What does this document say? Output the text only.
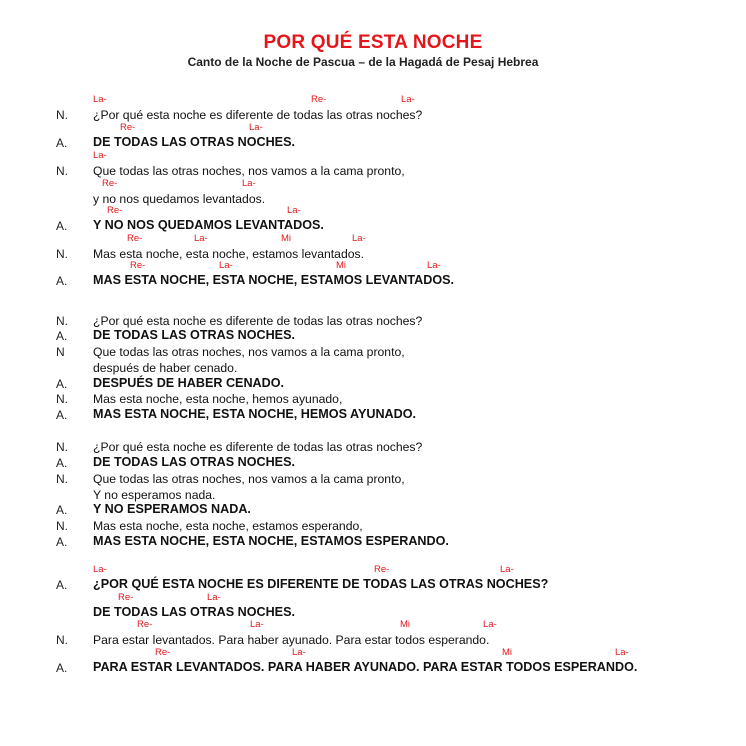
POR QUÉ ESTA NOCHE
Canto de la Noche de Pascua – de la Hagadá de Pesaj Hebrea
La-	Re-	La-
N. ¿Por qué esta noche es diferente de todas las otras noches?
Re-	La-
A. DE TODAS LAS OTRAS NOCHES.
La-
N. Que todas las otras noches, nos vamos a la cama pronto,
Re-	La-
y no nos quedamos levantados.
Re-	La-
A. Y NO NOS QUEDAMOS LEVANTADOS.
Re-	La-	Mi	La-
N. Mas esta noche, esta noche, estamos levantados.
Re-	La-	Mi	La-
A. MAS ESTA NOCHE, ESTA NOCHE, ESTAMOS LEVANTADOS.
N. ¿Por qué esta noche es diferente de todas las otras noches?
A. DE TODAS LAS OTRAS NOCHES.
N Que todas las otras noches, nos vamos a la cama pronto,
después de haber cenado.
A. DESPUÉS DE HABER CENADO.
N. Mas esta noche, esta noche, hemos ayunado,
A. MAS ESTA NOCHE, ESTA NOCHE, HEMOS AYUNADO.
N. ¿Por qué esta noche es diferente de todas las otras noches?
A. DE TODAS LAS OTRAS NOCHES.
N. Que todas las otras noches, nos vamos a la cama pronto,
Y no esperamos nada.
A. Y NO ESPERAMOS NADA.
N. Mas esta noche, esta noche, estamos esperando,
A. MAS ESTA NOCHE, ESTA NOCHE, ESTAMOS ESPERANDO.
La-	Re-	La-
A. ¿POR QUÉ ESTA NOCHE ES DIFERENTE DE TODAS LAS OTRAS NOCHES?
Re-	La-
DE TODAS LAS OTRAS NOCHES.
Re-	La-	Mi	La-
N. Para estar levantados. Para haber ayunado. Para estar todos esperando.
Re-	La-	Mi	La-
A. PARA ESTAR LEVANTADOS. PARA HABER AYUNADO. PARA ESTAR TODOS ESPERANDO.
